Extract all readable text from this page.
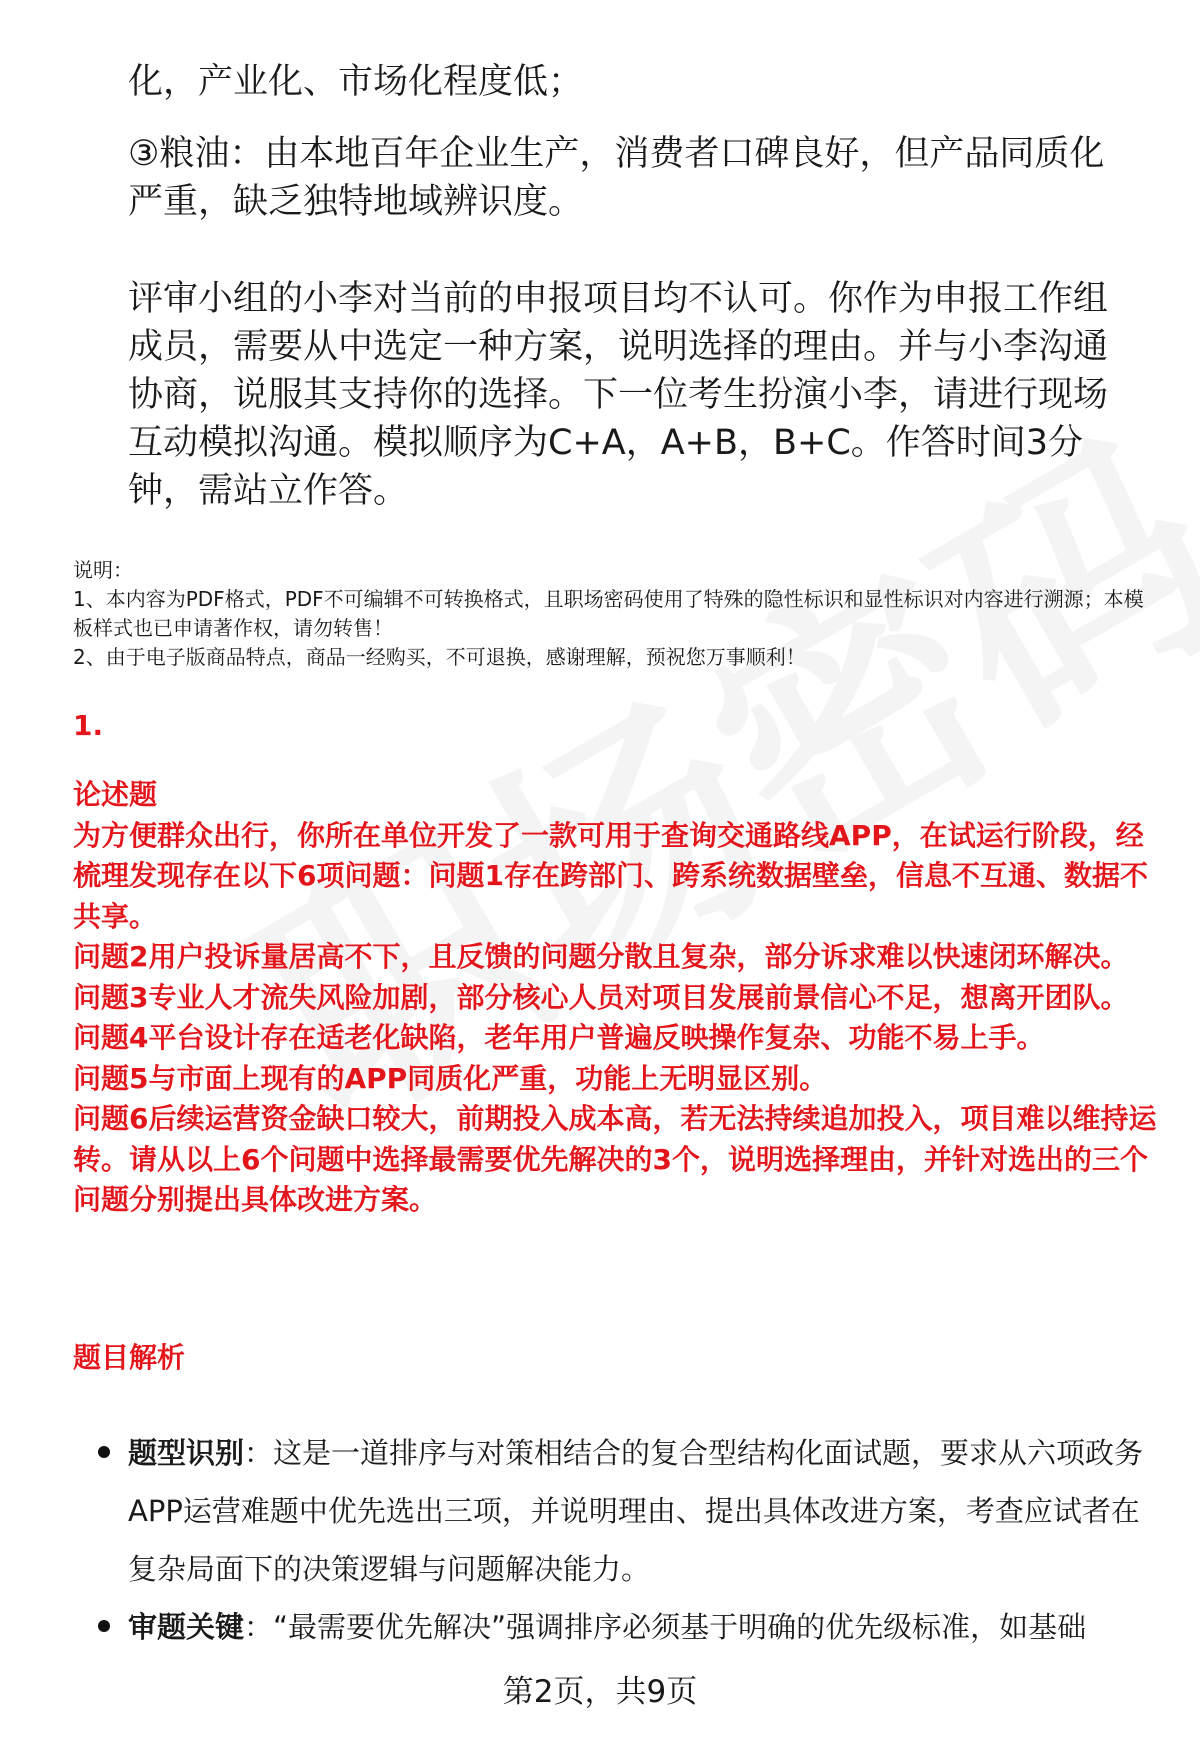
化，产业化、市场化程度低；

③粮油：由本地百年企业生产，消费者口碑良好，但产品同质化严重，缺乏独特地域辨识度。

评审小组的小李对当前的申报项目均不认可。你作为申报工作组成员，需要从中选定一种方案，说明选择的理由。并与小李沟通协商，说服其支持你的选择。下一位考生扮演小李，请进行现场互动模拟沟通。模拟顺序为C+A，A+B，B+C。作答时间3分钟，需站立作答。

说明：

1、本内容为PDF格式，PDF不可编辑不可转换格式，且职场密码使用了特殊的隐性标识和显性标识对内容进行溯源；本模板样式也已申请著作权，请勿转售！

2、由于电子版商品特点，商品一经购买，不可退换，感谢理解，预祝您万事顺利！

1.

论述题

为方便群众出行，你所在单位开发了一款可用于查询交通路线APP，在试运行阶段，经梳理发现存在以下6项问题：问题1存在跨部门、跨系统数据壁垒，信息不互通、数据不共享。

问题2用户投诉量居高不下，且反馈的问题分散且复杂，部分诉求难以快速闭环解决。

问题3专业人才流失风险加剧，部分核心人员对项目发展前景信心不足，想离开团队。

问题4平台设计存在适老化缺陷，老年用户普遍反映操作复杂、功能不易上手。

问题5与市面上现有的APP同质化严重，功能上无明显区别。

问题6后续运营资金缺口较大，前期投入成本高，若无法持续追加投入，项目难以维持运转。请从以上6个问题中选择最需要优先解决的3个，说明选择理由，并针对选出的三个问题分别提出具体改进方案。

题目解析
题型识别：这是一道排序与对策相结合的复合型结构化面试题，要求从六项政务APP运营难题中优先选出三项，并说明理由、提出具体改进方案，考查应试者在复杂局面下的决策逻辑与问题解决能力。
审题关键：“最需要优先解决”强调排序必须基于明确的优先级标准，如基础
第2页，共9页
